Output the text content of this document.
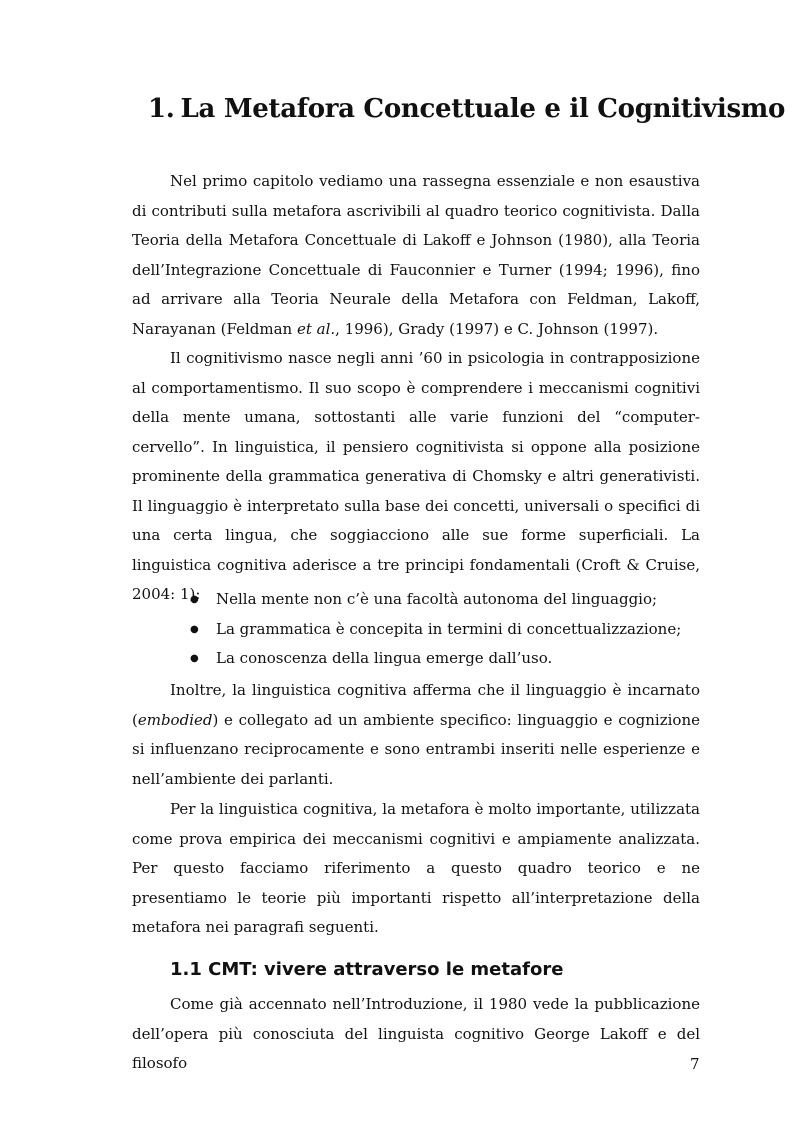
1. La Metafora Concettuale e il Cognitivismo

Nel primo capitolo vediamo una rassegna essenziale e non esaustiva di contributi sulla metafora ascrivibili al quadro teorico cognitivista. Dalla Teoria della Metafora Concettuale di Lakoff e Johnson (1980), alla Teoria dell’Integrazione Concettuale di Fauconnier e Turner (1994; 1996), fino ad arrivare alla Teoria Neurale della Metafora con Feldman, Lakoff, Narayanan (Feldman et al., 1996), Grady (1997) e C. Johnson (1997).

Il cognitivismo nasce negli anni ’60 in psicologia in contrapposizione al comportamentismo. Il suo scopo è comprendere i meccanismi cognitivi della mente umana, sottostanti alle varie funzioni del “computer-cervello”. In linguistica, il pensiero cognitivista si oppone alla posizione prominente della grammatica generativa di Chomsky e altri generativisti. Il linguaggio è interpretato sulla base dei concetti, universali o specifici di una certa lingua, che soggiacciono alle sue forme superficiali. La linguistica cognitiva aderisce a tre principi fondamentali (Croft & Cruise, 2004: 1):

●	Nella mente non c’è una facoltà autonoma del linguaggio;
● La grammatica è concepita in termini di concettualizzazione;
● La conoscenza della lingua emerge dall’uso.

Inoltre, la linguistica cognitiva afferma che il linguaggio è incarnato (embodied) e collegato ad un ambiente specifico: linguaggio e cognizione si influenzano reciprocamente e sono entrambi inseriti nelle esperienze e nell’ambiente dei parlanti.

Per la linguistica cognitiva, la metafora è molto importante, utilizzata come prova empirica dei meccanismi cognitivi e ampiamente analizzata. Per questo facciamo riferimento a questo quadro teorico e ne presentiamo le teorie più importanti rispetto all’interpretazione della metafora nei paragrafi seguenti.

1.1 CMT: vivere attraverso le metafore

Come già accennato nell’Introduzione, il 1980 vede la pubblicazione dell’opera più conosciuta del linguista cognitivo George Lakoff e del filosofo	7
